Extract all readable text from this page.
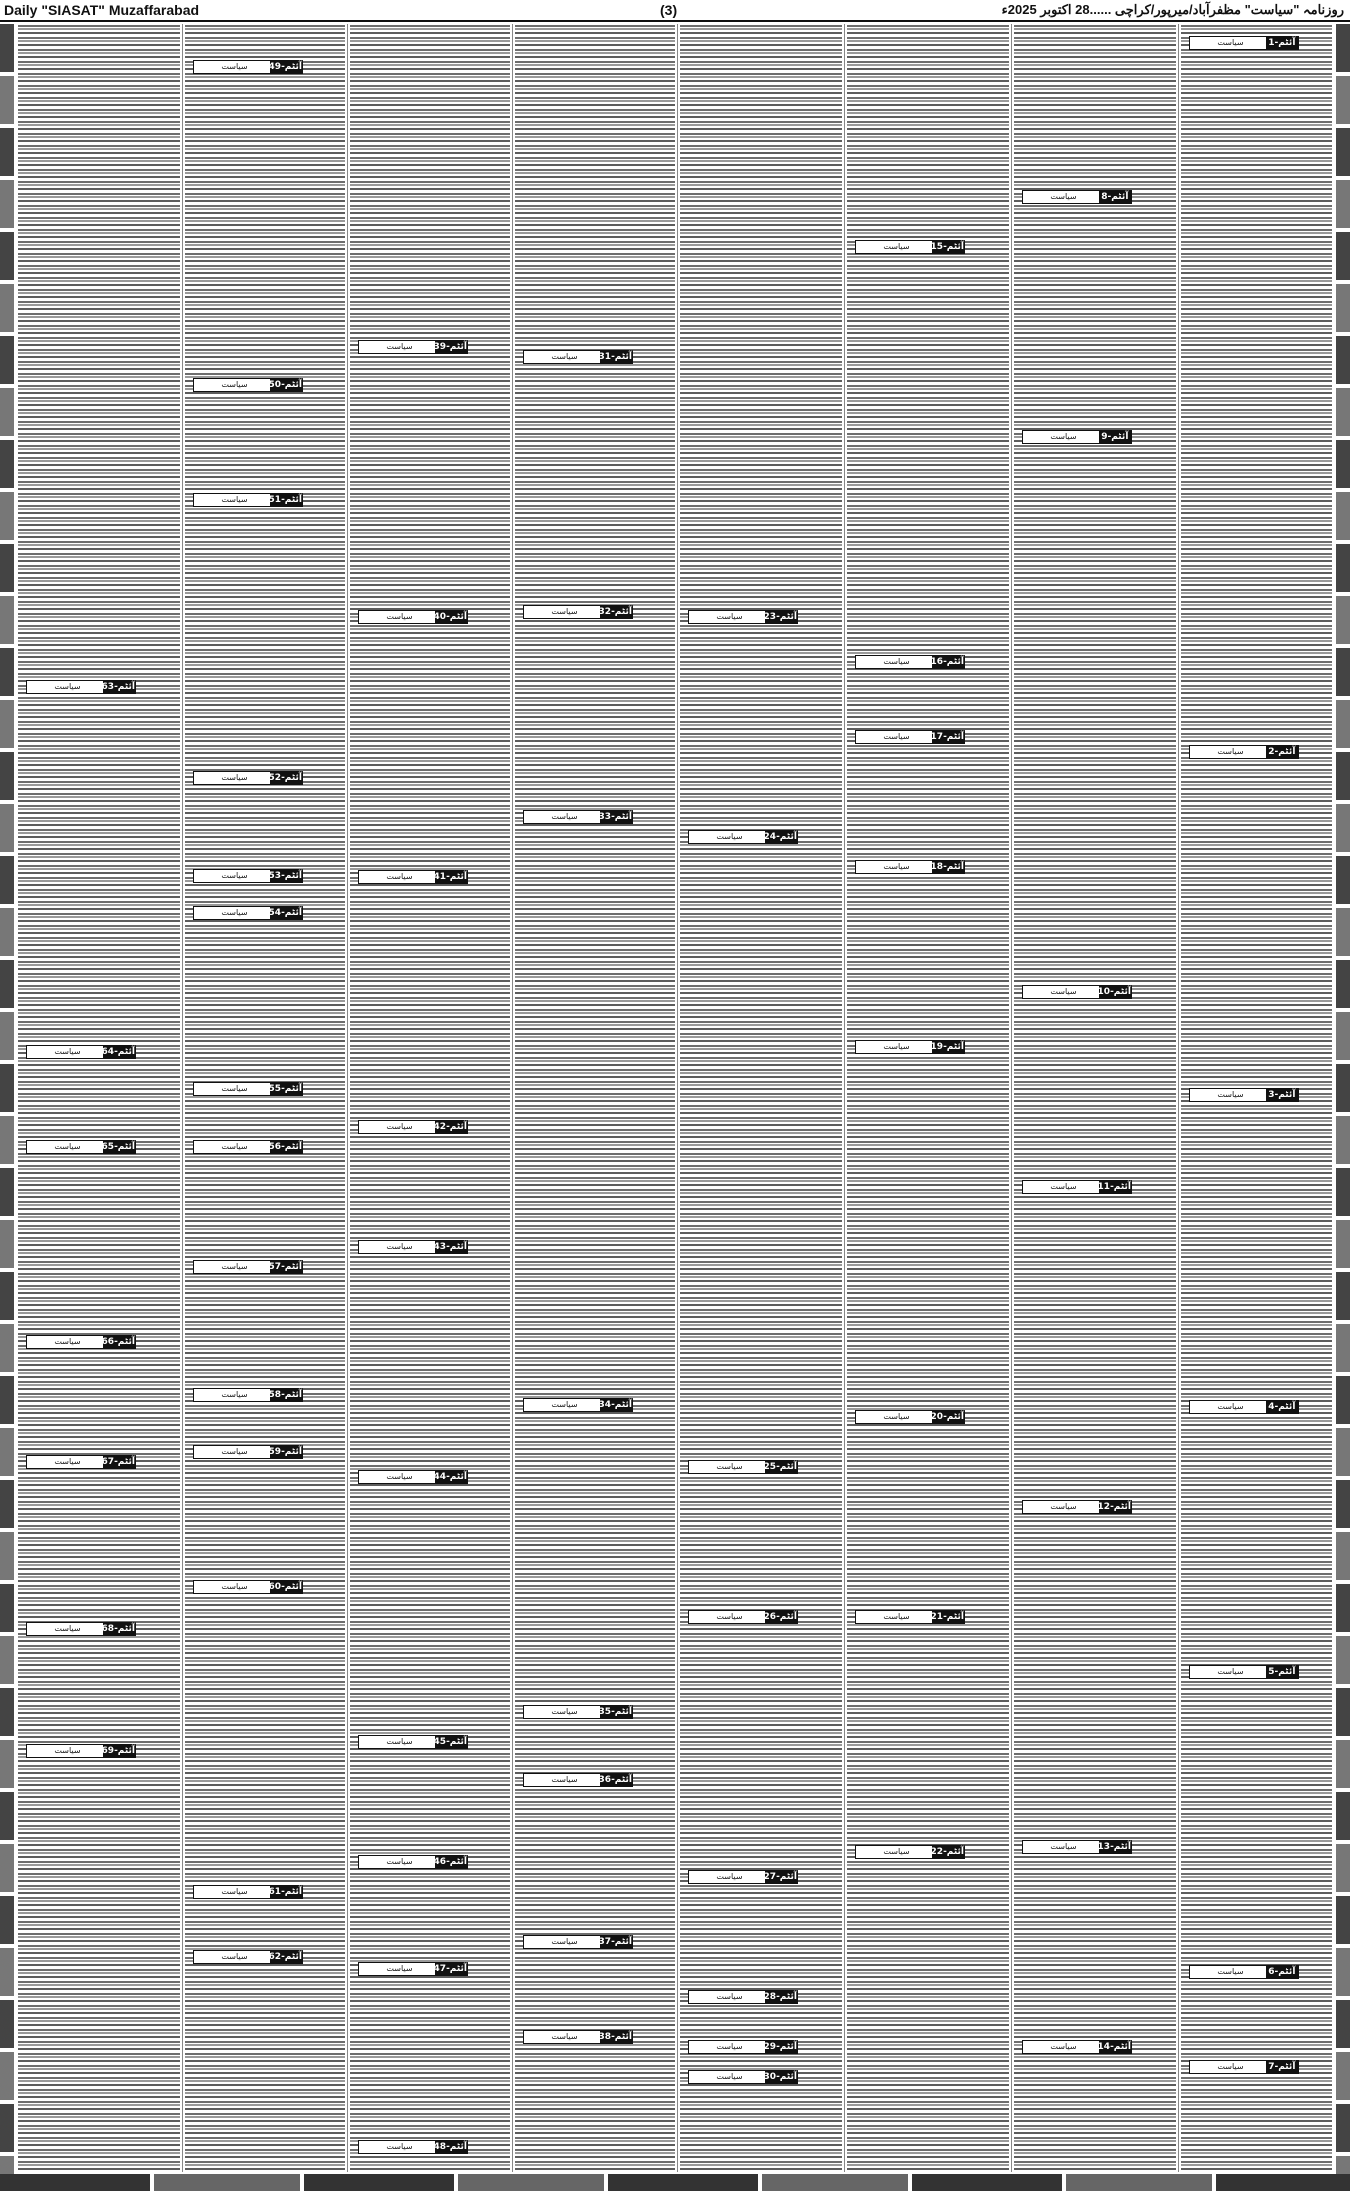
Daily "SIASAT" Muzaffarabad	(3)	روزنامہ "سیاست" مظفرآباد/میرپور/کراچی ......28 اکتوبر 2025ء
سیاست	آئٹم-1
سیاست	آئٹم-2
سیاست	آئٹم-3
سیاست	آئٹم-4
سیاست	آئٹم-5
سیاست	آئٹم-6
سیاست	آئٹم-7
سیاست	آئٹم-8
سیاست	آئٹم-9
سیاست	آئٹم-10
سیاست	آئٹم-11
سیاست	آئٹم-12
سیاست	آئٹم-13
سیاست	آئٹم-14
سیاست	آئٹم-15
سیاست	آئٹم-16
سیاست	آئٹم-17
سیاست	آئٹم-18
سیاست	آئٹم-19
سیاست	آئٹم-20
سیاست	آئٹم-21
سیاست	آئٹم-22
سیاست	آئٹم-23
سیاست	آئٹم-24
سیاست	آئٹم-25
سیاست	آئٹم-26
سیاست	آئٹم-27
سیاست	آئٹم-28
سیاست	آئٹم-29
سیاست	آئٹم-30
سیاست	آئٹم-31
سیاست	آئٹم-32
سیاست	آئٹم-33
سیاست	آئٹم-34
سیاست	آئٹم-35
سیاست	آئٹم-36
سیاست	آئٹم-37
سیاست	آئٹم-38
سیاست	آئٹم-39
سیاست	آئٹم-40
سیاست	آئٹم-41
سیاست	آئٹم-42
سیاست	آئٹم-43
سیاست	آئٹم-44
سیاست	آئٹم-45
سیاست	آئٹم-46
سیاست	آئٹم-47
سیاست	آئٹم-48
سیاست	آئٹم-49
سیاست	آئٹم-50
سیاست	آئٹم-51
سیاست	آئٹم-52
سیاست	آئٹم-53
سیاست	آئٹم-54
سیاست	آئٹم-55
سیاست	آئٹم-56
سیاست	آئٹم-57
سیاست	آئٹم-58
سیاست	آئٹم-59
سیاست	آئٹم-60
سیاست	آئٹم-61
سیاست	آئٹم-62
سیاست	آئٹم-63
سیاست	آئٹم-64
سیاست	آئٹم-65
سیاست	آئٹم-66
سیاست	آئٹم-67
سیاست	آئٹم-68
سیاست	آئٹم-69
